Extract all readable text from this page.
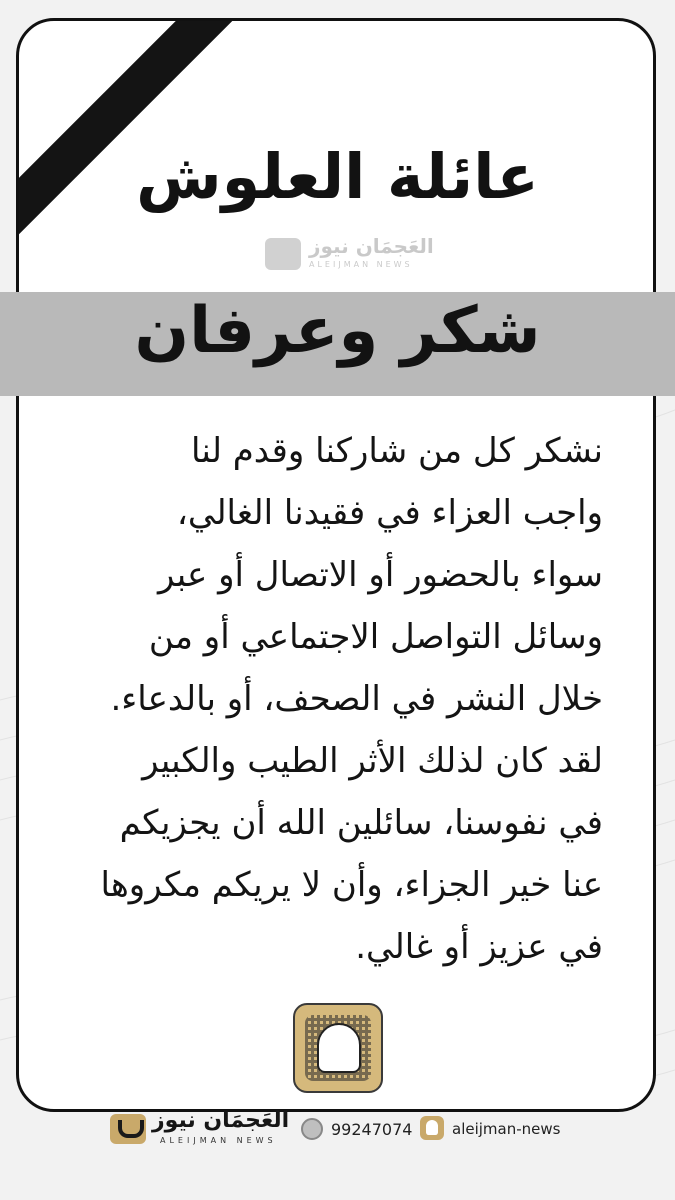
عائلة العلوش
العَجمَان نيوز
ALEIJMAN NEWS
شكر وعرفان
نشكر كل من شاركنا وقدم لنا
واجب العزاء في فقيدنا الغالي،
سواء بالحضور أو الاتصال أو عبر
وسائل التواصل الاجتماعي أو من
خلال النشر في الصحف، أو بالدعاء.
لقد كان لذلك الأثر الطيب والكبير
في نفوسنا، سائلين الله أن يجزيكم
عنا خير الجزاء، وأن لا يريكم مكروها
في عزيز أو غالي.
العَجمَان نيوز
ALEIJMAN NEWS
99247074	aleijman-news
